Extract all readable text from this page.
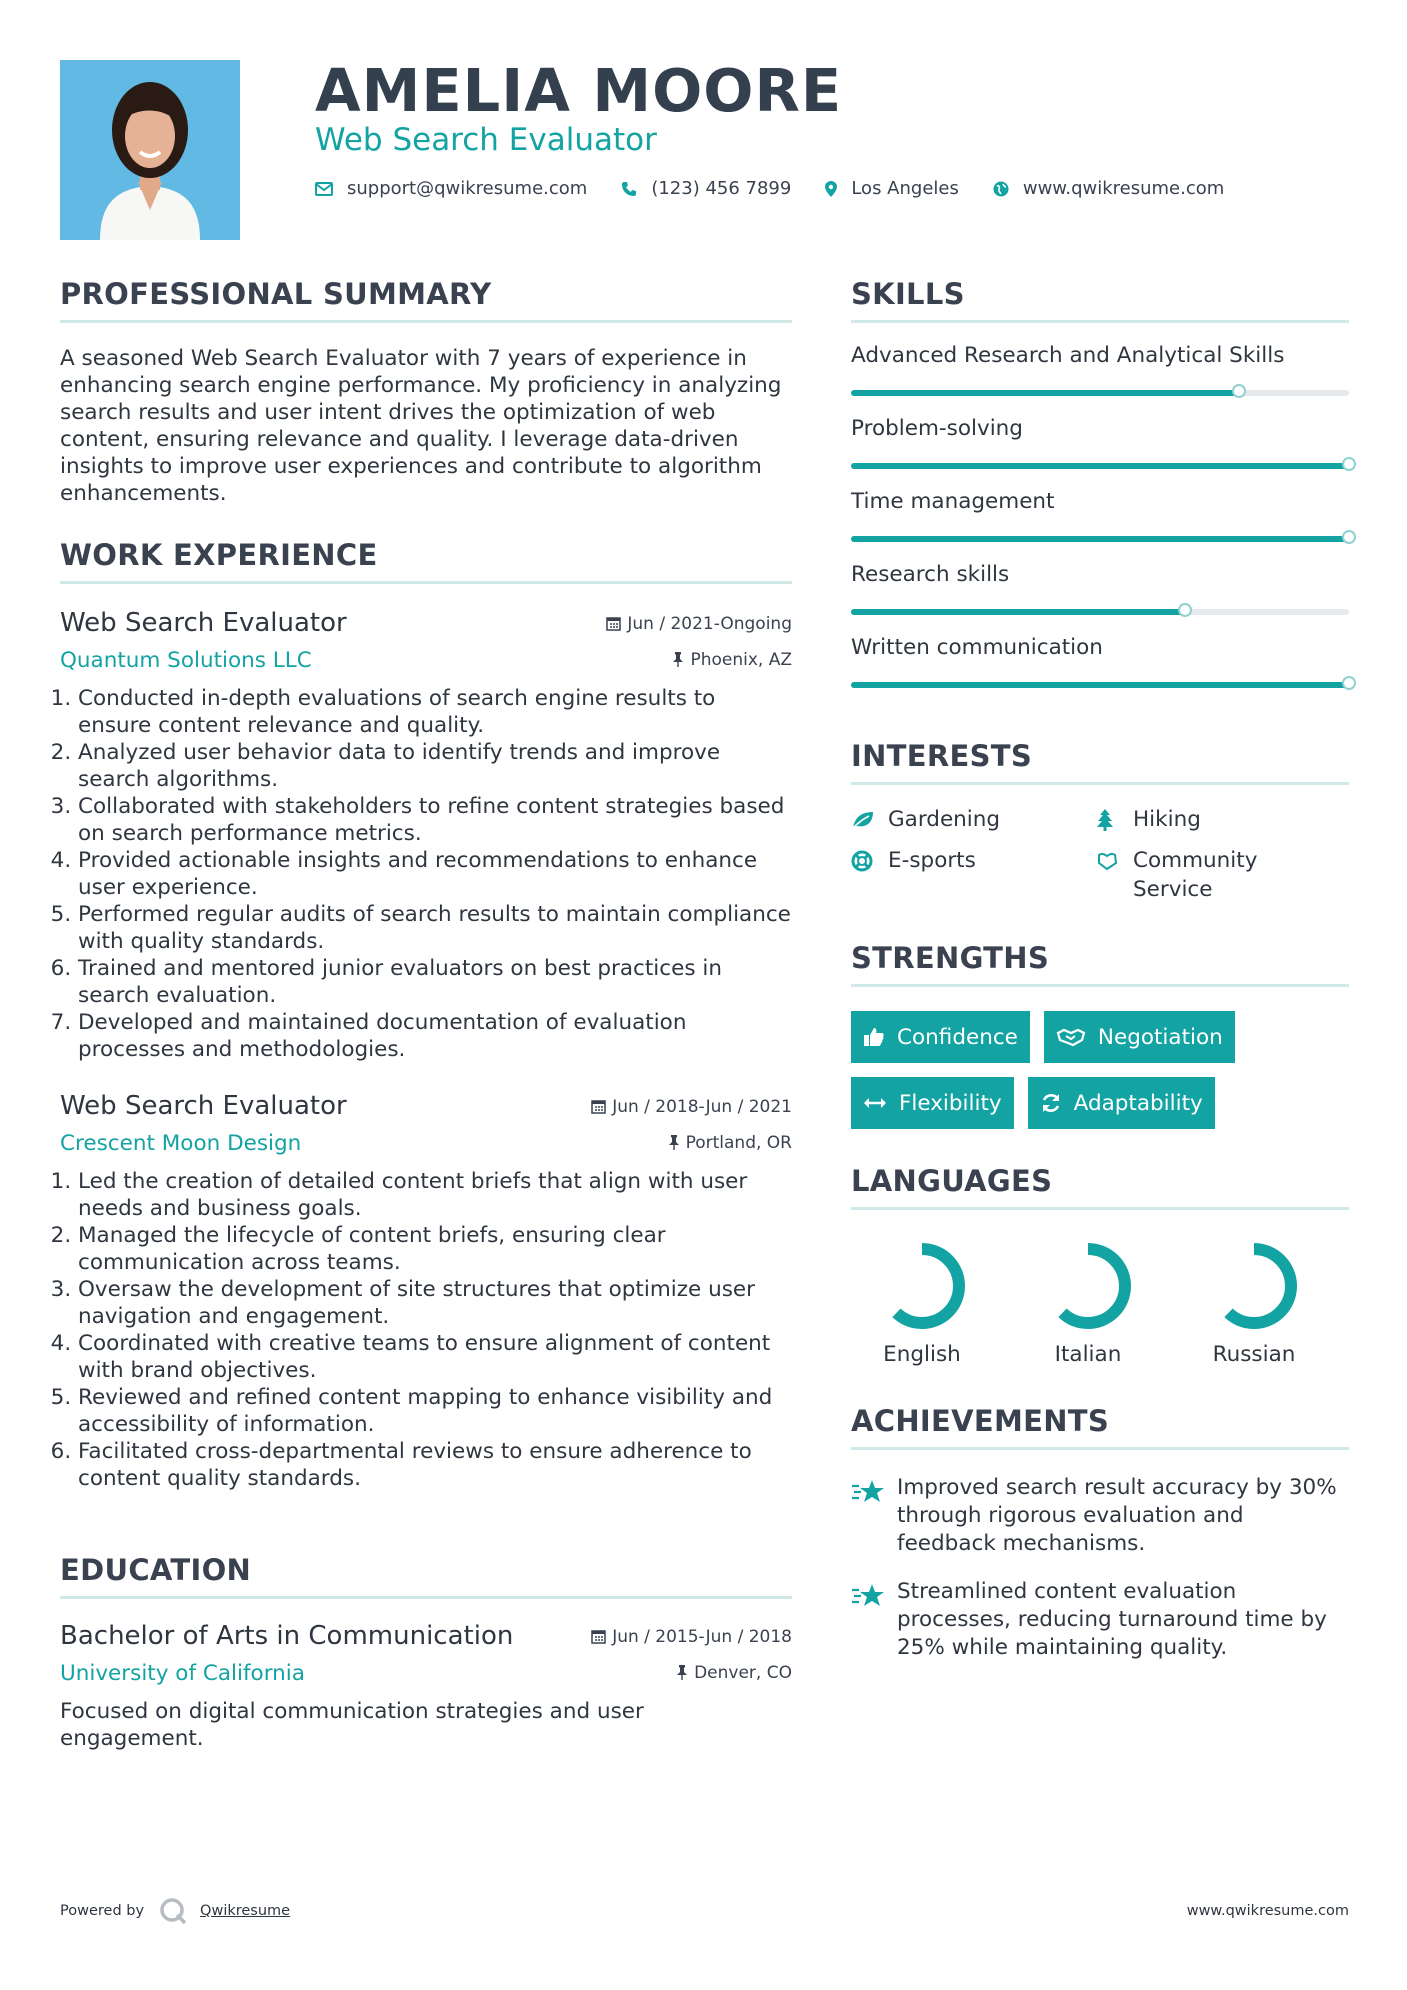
AMELIA MOORE
Web Search Evaluator
support@qwikresume.com	(123) 456 7899	Los Angeles	www.qwikresume.com
PROFESSIONAL SUMMARY

A seasoned Web Search Evaluator with 7 years of experience in enhancing search engine performance. My proficiency in analyzing search results and user intent drives the optimization of web content, ensuring relevance and quality. I leverage data-driven insights to improve user experiences and contribute to algorithm enhancements.

WORK EXPERIENCE
Web Search Evaluator	Jun / 2021-Ongoing
Quantum Solutions LLC	Phoenix, AZ
1. Conducted in-depth evaluations of search engine results to ensure content relevance and quality.
2. Analyzed user behavior data to identify trends and improve search algorithms.
3. Collaborated with stakeholders to refine content strategies based on search performance metrics.
4. Provided actionable insights and recommendations to enhance user experience.
5. Performed regular audits of search results to maintain compliance with quality standards.
6. Trained and mentored junior evaluators on best practices in search evaluation.
7. Developed and maintained documentation of evaluation processes and methodologies.
Web Search Evaluator	Jun / 2018-Jun / 2021
Crescent Moon Design	Portland, OR
1. Led the creation of detailed content briefs that align with user needs and business goals.
2. Managed the lifecycle of content briefs, ensuring clear communication across teams.
3. Oversaw the development of site structures that optimize user navigation and engagement.
4. Coordinated with creative teams to ensure alignment of content with brand objectives.
5. Reviewed and refined content mapping to enhance visibility and accessibility of information.
6. Facilitated cross-departmental reviews to ensure adherence to content quality standards.
EDUCATION
Bachelor of Arts in Communication	Jun / 2015-Jun / 2018
University of California	Denver, CO
Focused on digital communication strategies and user engagement.
SKILLS
Advanced Research and Analytical Skills
Problem-solving
Time management
Research skills
Written communication
INTERESTS
Gardening	Hiking
E-sports	Community Service
STRENGTHS
Confidence	Negotiation
Flexibility	Adaptability
LANGUAGES
English	Italian	Russian
ACHIEVEMENTS
Improved search result accuracy by 30% through rigorous evaluation and feedback mechanisms.
Streamlined content evaluation processes, reducing turnaround time by 25% while maintaining quality.
Powered by	Qwikresume	www.qwikresume.com
